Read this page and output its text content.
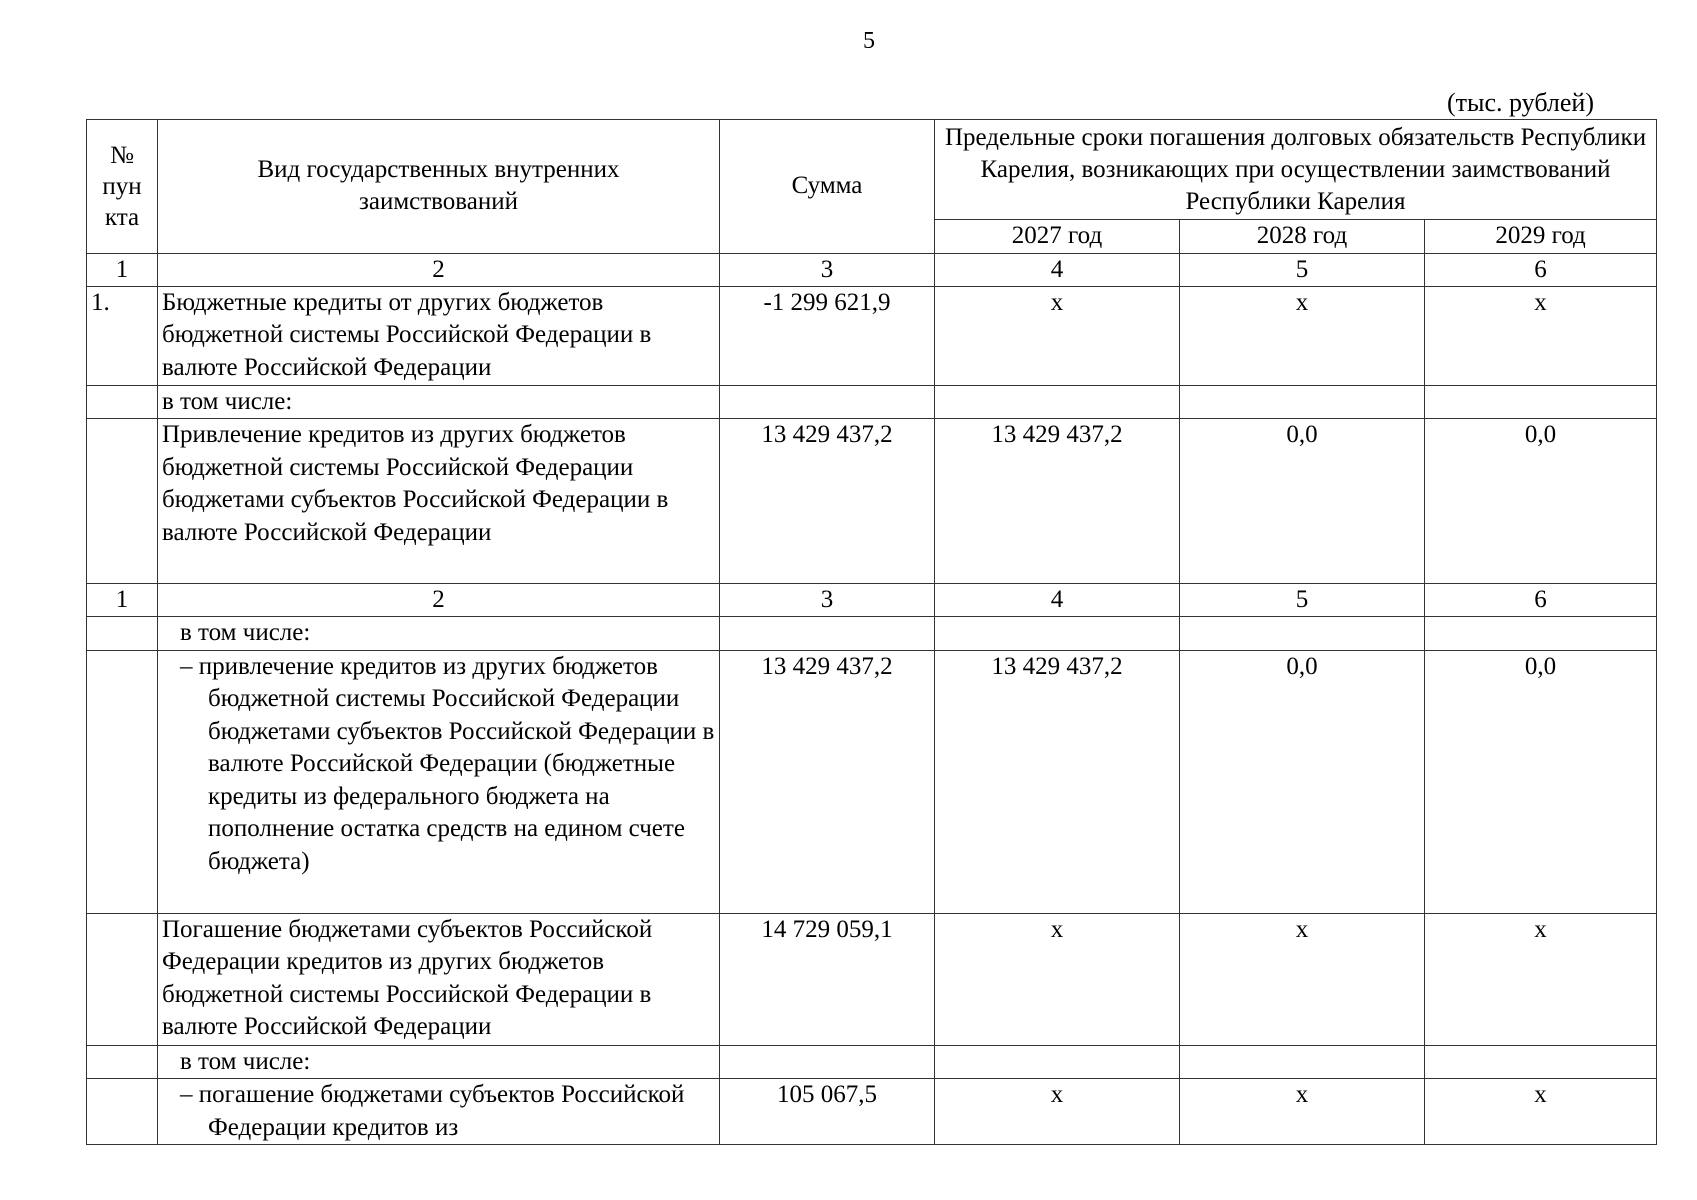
5
(тыс. рублей)
№ пун кта	Вид государственных внутренних заимствований	Сумма	Предельные сроки погашения долговых обязательств Республики Карелия, возникающих при осуществлении заимствований Республики Карелия		
			2027 год	2028 год	2029 год
1	2	3	4	5	6
1.	Бюджетные кредиты от других бюджетов бюджетной системы Российской Федерации в валюте Российской Федерации	-1 299 621,9	х	х	х
	в том числе:				
	Привлечение кредитов из других бюджетов бюджетной системы Российской Федерации бюджетами субъектов Российской Федерации в валюте Российской Федерации	13 429 437,2	13 429 437,2	0,0	0,0
1	2	3	4	5	6
	в том числе:				
	– привлечение кредитов из других бюджетов бюджетной системы Российской Федерации бюджетами субъектов Российской Федерации в валюте Российской Федерации (бюджетные кредиты из федерального бюджета на пополнение остатка средств на едином счете бюджета)	13 429 437,2	13 429 437,2	0,0	0,0
	Погашение бюджетами субъектов Российской Федерации кредитов из других бюджетов бюджетной системы Российской Федерации в валюте Российской Федерации	14 729 059,1	х	х	х
	в том числе:				
	– погашение бюджетами субъектов Российской Федерации кредитов из	105 067,5	х	х	х
